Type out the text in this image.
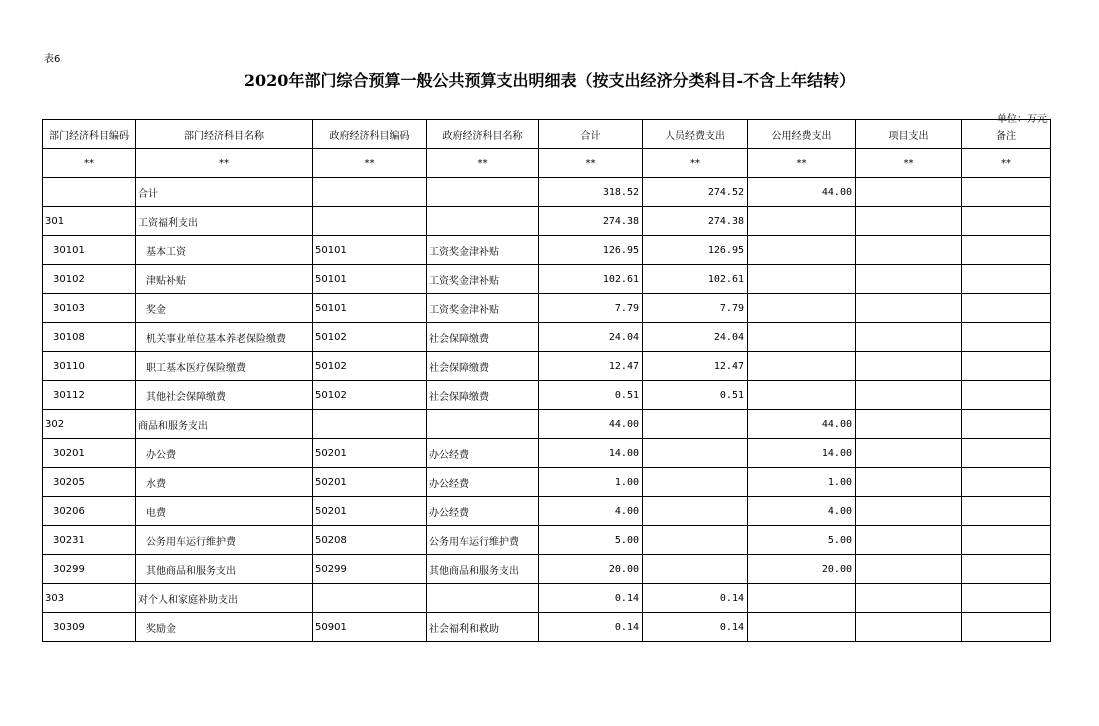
表6
2020年部门综合预算一般公共预算支出明细表（按支出经济分类科目-不含上年结转）
单位：万元
部门经济科目编码	部门经济科目名称	政府经济科目编码	政府经济科目名称	合计	人员经费支出	公用经费支出	项目支出	备注
**	**	**	**	**	**	**	**	**
	合计			318.52	274.52	44.00		
301	工资福利支出			274.38	274.38			
30101	基本工资	50101	工资奖金津补贴	126.95	126.95			
30102	津贴补贴	50101	工资奖金津补贴	102.61	102.61			
30103	奖金	50101	工资奖金津补贴	7.79	7.79			
30108	机关事业单位基本养老保险缴费	50102	社会保障缴费	24.04	24.04			
30110	职工基本医疗保险缴费	50102	社会保障缴费	12.47	12.47			
30112	其他社会保障缴费	50102	社会保障缴费	0.51	0.51			
302	商品和服务支出			44.00		44.00		
30201	办公费	50201	办公经费	14.00		14.00		
30205	水费	50201	办公经费	1.00		1.00		
30206	电费	50201	办公经费	4.00		4.00		
30231	公务用车运行维护费	50208	公务用车运行维护费	5.00		5.00		
30299	其他商品和服务支出	50299	其他商品和服务支出	20.00		20.00		
303	对个人和家庭补助支出			0.14	0.14			
30309	奖励金	50901	社会福利和救助	0.14	0.14			
